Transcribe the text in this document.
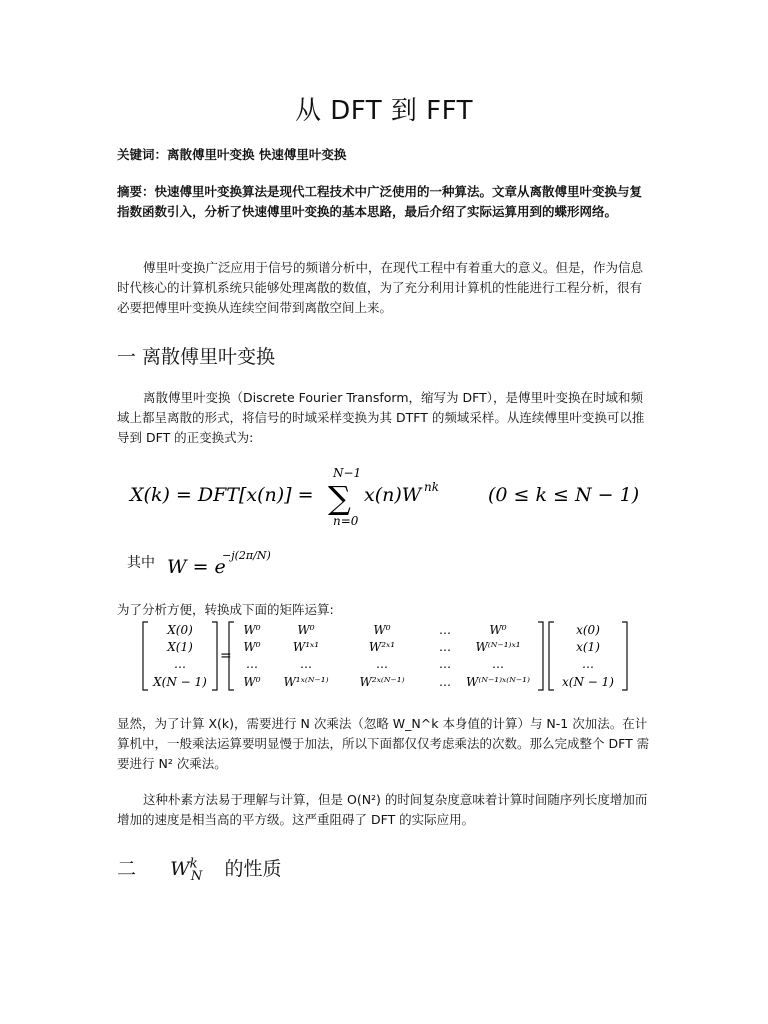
从 DFT 到 FFT
关键词：离散傅里叶变换 快速傅里叶变换
摘要：快速傅里叶变换算法是现代工程技术中广泛使用的一种算法。文章从离散傅里叶变换与复指数函数引入，分析了快速傅里叶变换的基本思路，最后介绍了实际运算用到的蝶形网络。
傅里叶变换广泛应用于信号的频谱分析中，在现代工程中有着重大的意义。但是，作为信息时代核心的计算机系统只能够处理离散的数值，为了充分利用计算机的性能进行工程分析，很有必要把傅里叶变换从连续空间带到离散空间上来。
一 离散傅里叶变换
离散傅里叶变换（Discrete Fourier Transform，缩写为 DFT），是傅里叶变换在时域和频域上都呈离散的形式，将信号的时域采样变换为其 DTFT 的频域采样。从连续傅里叶变换可以推导到 DFT 的正变换式为:
X(k) = DFT[x(n)] =
N−1
∑
n=0
x(n)W nk	(0 ≤ k ≤ N − 1)
其中 W = e
−j(2π/N)
为了分析方便，转换成下面的矩阵运算:
=
X(0)
X(1)
…
X(N − 1)
W⁰	W⁰	W⁰	…	W⁰
W⁰	W¹ˣ¹	W²ˣ¹	… W⁽ᴺ⁻¹⁾ˣ¹
…	…	…	…	…
W⁰ W¹ˣ⁽ᴺ⁻¹⁾	W²ˣ⁽ᴺ⁻¹⁾	… W⁽ᴺ⁻¹⁾ˣ⁽ᴺ⁻¹⁾
x(0)
x(1)
…
x(N − 1)
显然，为了计算 X(k)，需要进行 N 次乘法（忽略 W_N^k 本身值的计算）与 N-1 次加法。在计算机中，一般乘法运算要明显慢于加法，所以下面都仅仅考虑乘法的次数。那么完成整个 DFT 需要进行 N² 次乘法。
这种朴素方法易于理解与计算，但是 O(N²) 的时间复杂度意味着计算时间随序列长度增加而增加的速度是相当高的平方级。这严重阻碍了 DFT 的实际应用。
二 $W^k_N$ 的性质
